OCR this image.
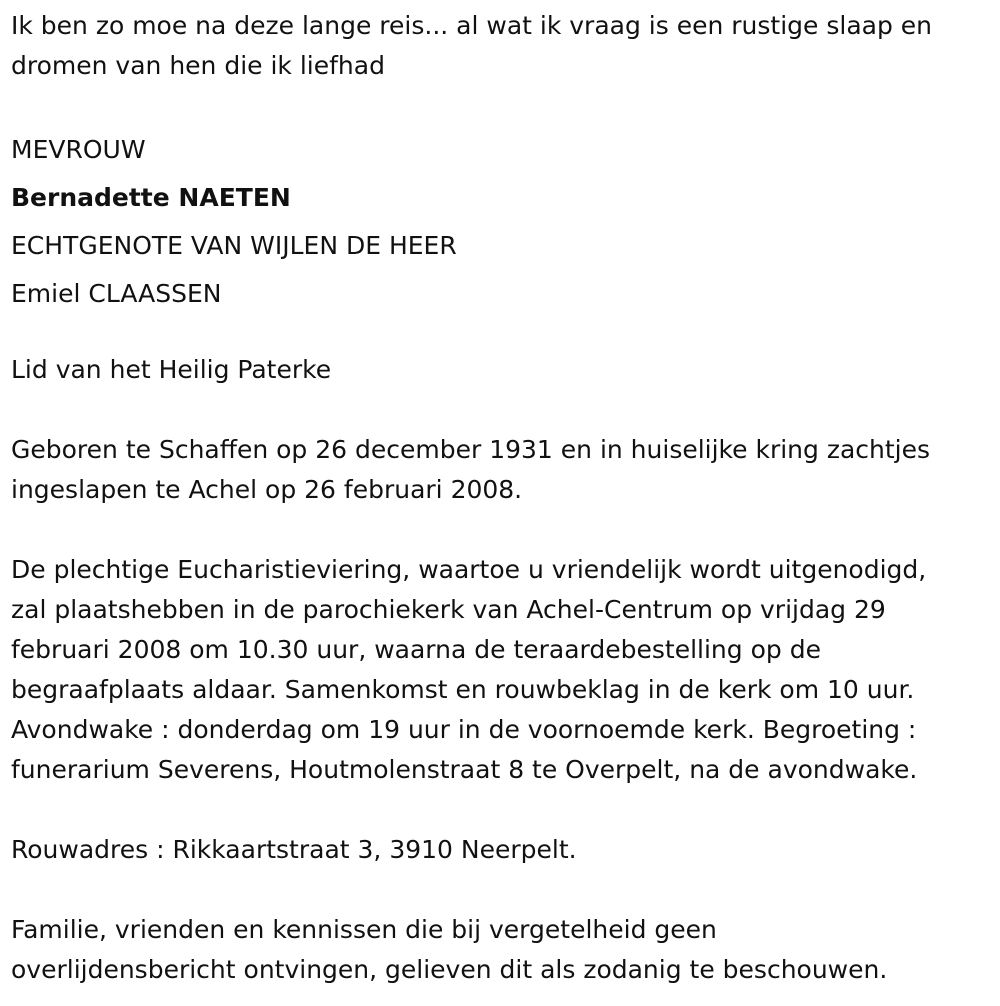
Ik ben zo moe na deze lange reis... al wat ik vraag is een rustige slaap en
dromen van hen die ik liefhad

MEVROUW

Bernadette NAETEN

ECHTGENOTE VAN WIJLEN DE HEER

Emiel CLAASSEN

Lid van het Heilig Paterke

Geboren te Schaffen op 26 december 1931 en in huiselijke kring zachtjes
ingeslapen te Achel op 26 februari 2008.

De plechtige Eucharistieviering, waartoe u vriendelijk wordt uitgenodigd,
zal plaatshebben in de parochiekerk van Achel-Centrum op vrijdag 29
februari 2008 om 10.30 uur, waarna de teraardebestelling op de
begraafplaats aldaar. Samenkomst en rouwbeklag in de kerk om 10 uur.
Avondwake : donderdag om 19 uur in de voornoemde kerk. Begroeting :
funerarium Severens, Houtmolenstraat 8 te Overpelt, na de avondwake.

Rouwadres : Rikkaartstraat 3, 3910 Neerpelt.

Familie, vrienden en kennissen die bij vergetelheid geen
overlijdensbericht ontvingen, gelieven dit als zodanig te beschouwen.
